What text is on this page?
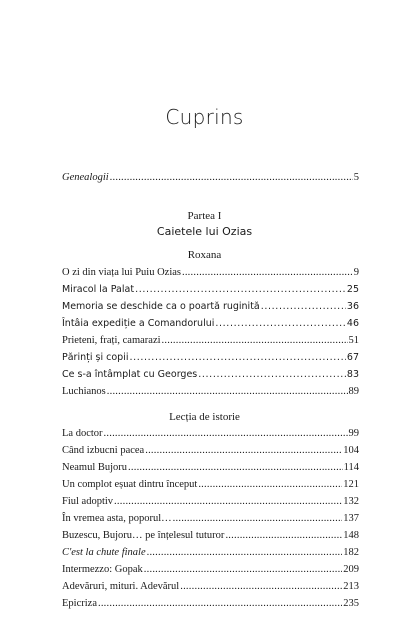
Cuprins
Genealogii . . .	5
Partea I
Caietele lui Ozias
Roxana
O zi din viața lui Puiu Ozias . . .	9
Miracol la Palat . . .	25
Memoria se deschide ca o poartă ruginită . . .	36
Întâia expediție a Comandorului . . .	46
Prieteni, frați, camarazi . . .	51
Părinți și copii . . .	67
Ce s-a întâmplat cu Georges . . .	83
Luchianos . . .	89
Lecția de istorie
La doctor . . .	99
Când izbucni pacea . . .	104
Neamul Bujoru . . .	114
Un complot eșuat dintru început . . .	121
Fiul adoptiv . . .	132
În vremea asta, poporul… . . .	137
Buzescu, Bujoru… pe înțelesul tuturor . . .	148
C'est la chute finale . . .	182
Intermezzo: Gopak . . .	209
Adevăruri, mituri. Adevărul . . .	213
Epicriza . . .	235
